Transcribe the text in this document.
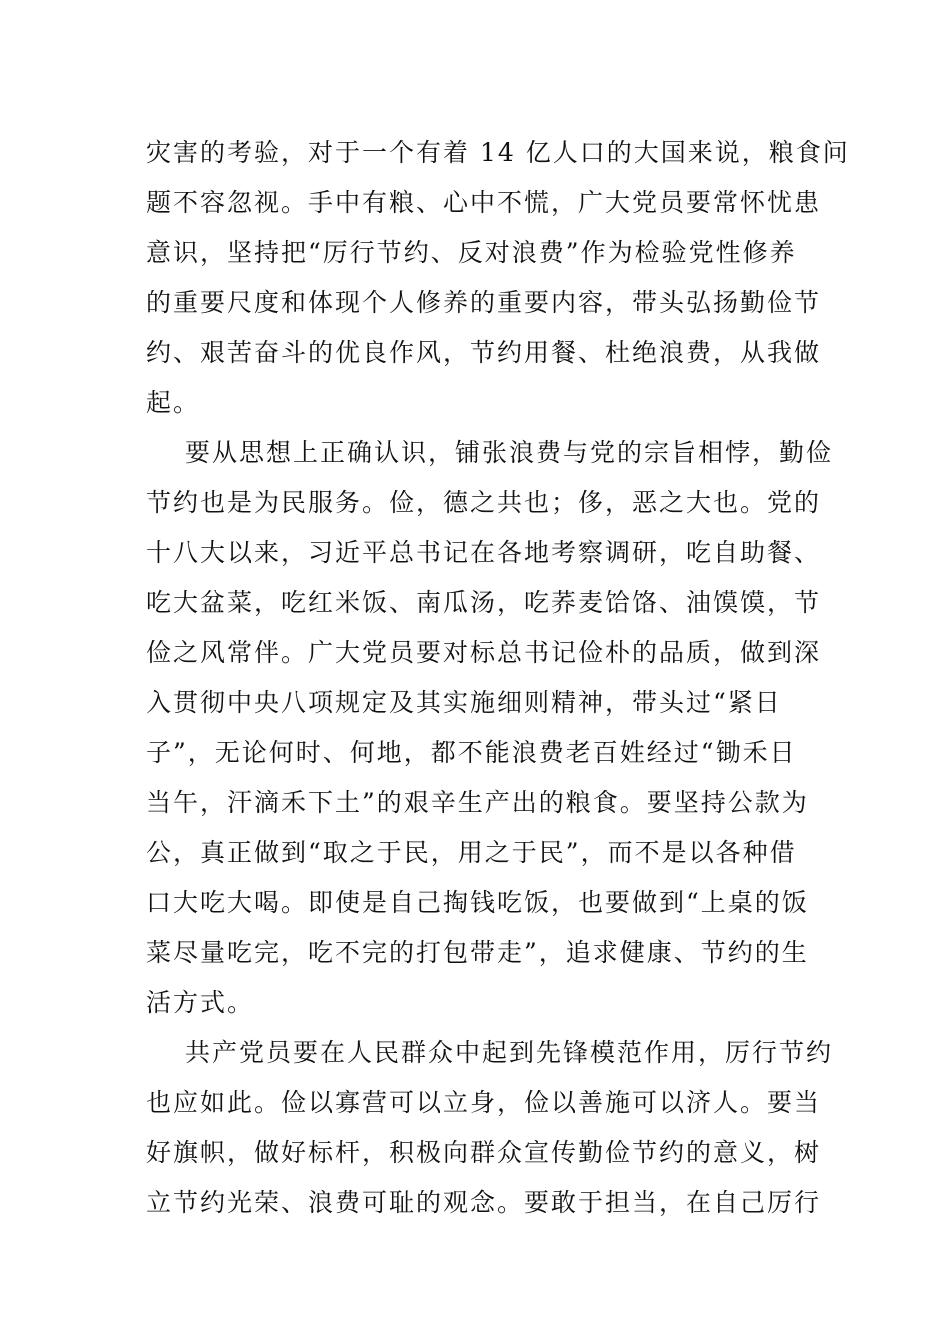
灾害的考验，对于一个有着 14 亿人口的大国来说，粮食问
题不容忽视。手中有粮、心中不慌，广大党员要常怀忧患
意识，坚持把“厉行节约、反对浪费”作为检验党性修养
的重要尺度和体现个人修养的重要内容，带头弘扬勤俭节
约、艰苦奋斗的优良作风，节约用餐、杜绝浪费，从我做
起。
要从思想上正确认识，铺张浪费与党的宗旨相悖，勤俭
节约也是为民服务。俭，德之共也；侈，恶之大也。党的
十八大以来，习近平总书记在各地考察调研，吃自助餐、
吃大盆菜，吃红米饭、南瓜汤，吃荞麦饸饹、油馍馍，节
俭之风常伴。广大党员要对标总书记俭朴的品质，做到深
入贯彻中央八项规定及其实施细则精神，带头过“紧日
子”，无论何时、何地，都不能浪费老百姓经过“锄禾日
当午，汗滴禾下土”的艰辛生产出的粮食。要坚持公款为
公，真正做到“取之于民，用之于民”，而不是以各种借
口大吃大喝。即使是自己掏钱吃饭，也要做到“上桌的饭
菜尽量吃完，吃不完的打包带走”，追求健康、节约的生
活方式。
共产党员要在人民群众中起到先锋模范作用，厉行节约
也应如此。俭以寡营可以立身，俭以善施可以济人。要当
好旗帜，做好标杆，积极向群众宣传勤俭节约的意义，树
立节约光荣、浪费可耻的观念。要敢于担当，在自己厉行
